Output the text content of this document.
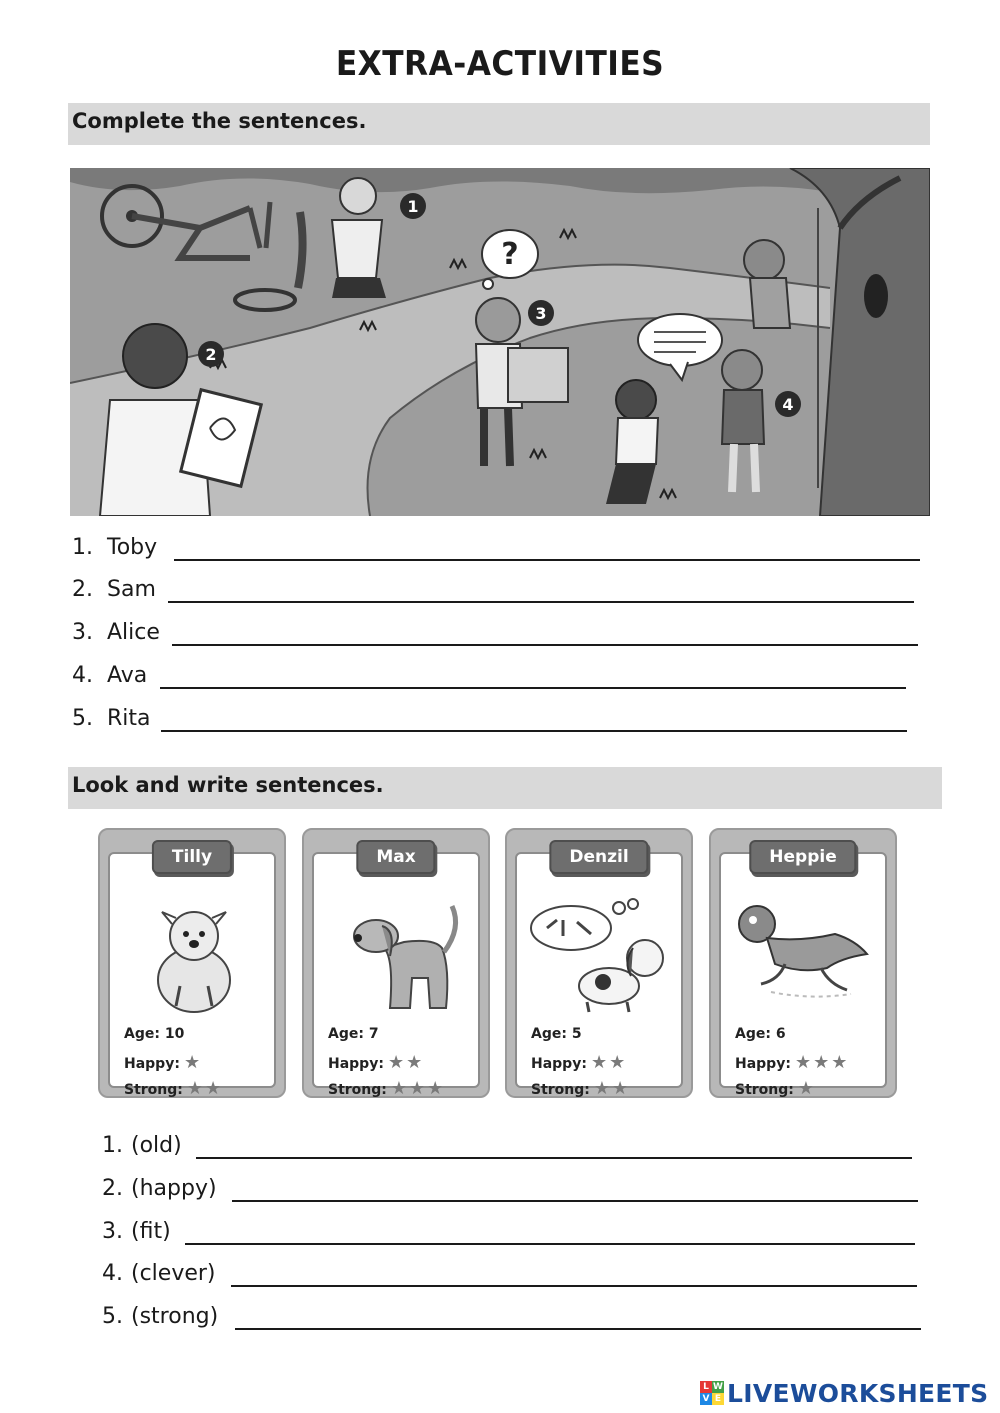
EXTRA-ACTIVITIES
Complete the sentences.
1
2
3
4
?
1. Toby
2. Sam
3. Alice
4. Ava
5. Rita
Look and write sentences.
Age: 10
Happy: ★
Strong: ★★
Tilly
Age: 7
Happy: ★★
Strong: ★★★
Max
Age: 5
Happy: ★★
Strong: ★★
Denzil
Age: 6
Happy: ★★★
Strong: ★
Heppie
1. (old)
2. (happy)
3. (fit)
4. (clever)
5. (strong)
L W
V E LIVEWORKSHEETS
